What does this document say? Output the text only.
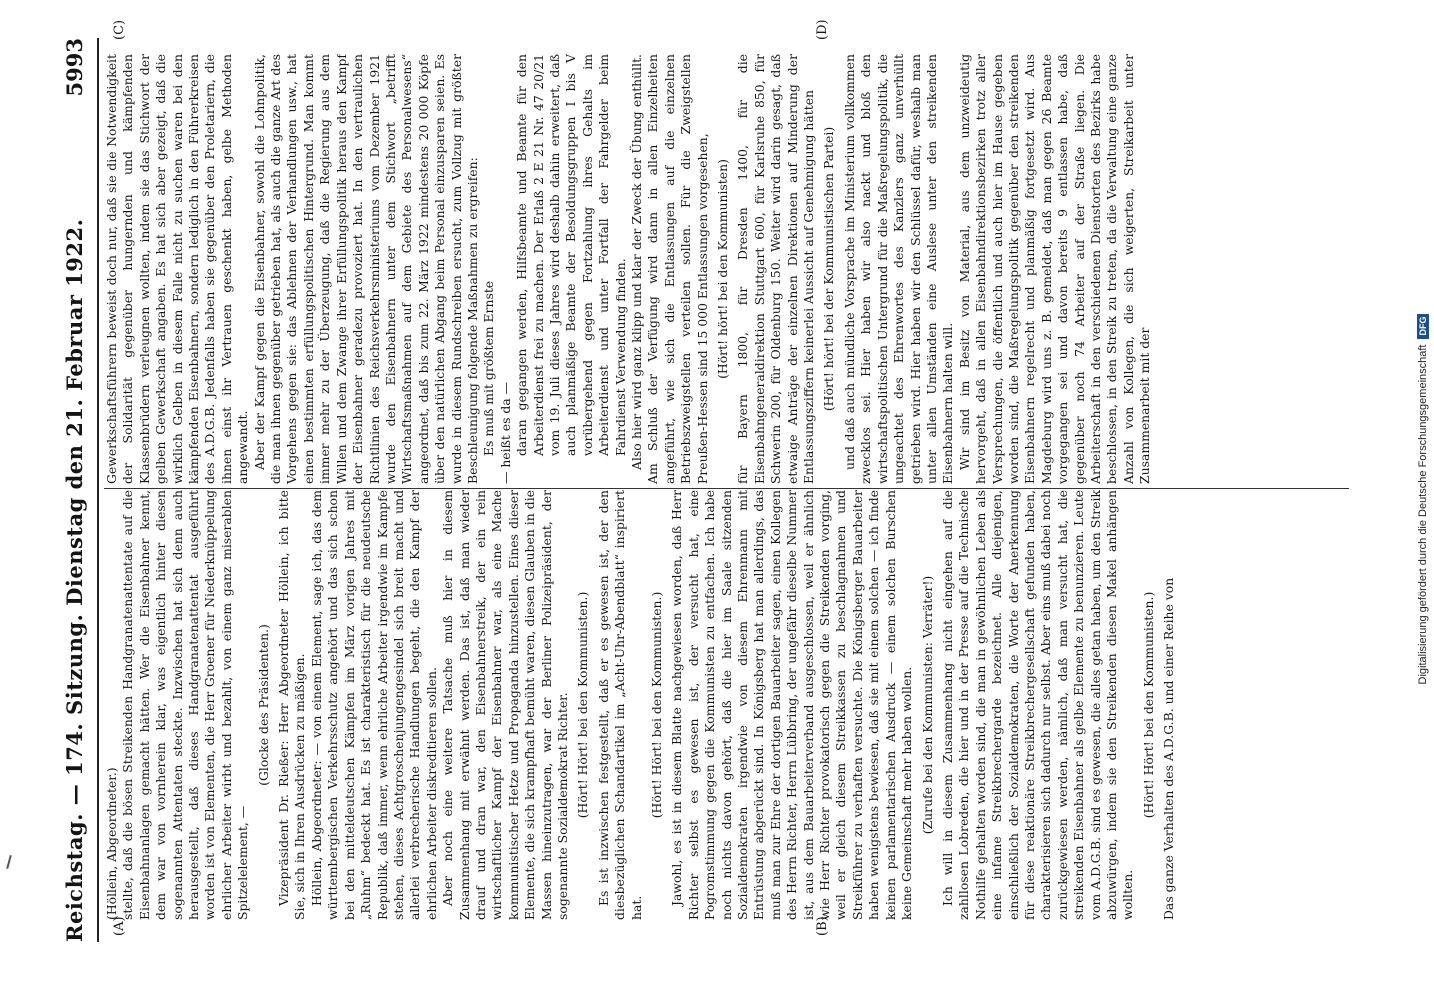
Reichstag. — 174. Sitzung. Dienstag den 21. Februar 1922.
5993
(A)	(B)
(C)	(D)

(Höllein, Abgeordneter.) stellte, daß die bösen Streikenden Handgranatenattentate auf die Eisenbahnanlagen gemacht hätten. Wer die Eisenbahner kennt, dem war von vornherein klar, was eigentlich hinter diesen sogenannten Attentaten steckte. Inzwischen hat sich denn auch herausgestellt, daß dieses Handgranatenattentat ausgeführt worden ist von Elementen, die Herr Groener für Niederknüppelung ehrlicher Arbeiter wirbt und bezahlt, von einem ganz miserablen Spitzelelement, —

(Glocke des Präsidenten.) Vizepräsident Dr. Rießer: Herr Abgeordneter Höllein, ich bitte Sie, sich in Ihren Ausdrücken zu mäßigen. Höllein, Abgeordneter: — von einem Element, sage ich, das dem württembergischen Verkehrsschutz angehört und das sich schon bei den mitteldeutschen Kämpfen im März vorigen Jahres mit „Ruhm“ bedeckt hat. Es ist charakteristisch für die neudeutsche Republik, daß immer, wenn ehrliche Arbeiter irgendwie im Kampfe stehen, dieses Achtgroschenjungengesindel sich breit macht und allerlei verbrecherische Handlungen begeht, die den Kampf der ehrlichen Arbeiter diskreditieren sollen. Aber noch eine weitere Tatsache muß hier in diesem Zusammenhang mit erwähnt werden. Das ist, daß man wieder drauf und dran war, den Eisenbahnerstreik, der ein rein wirtschaftlicher Kampf der Eisenbahner war, als eine Mache kommunistischer Hetze und Propaganda hinzustellen. Eines dieser Elemente, die sich krampfhaft bemüht waren, diesen Glauben in die Massen hineinzutragen, war der Berliner Polizeipräsident, der sogenannte Sozialdemokrat Richter. (Hört! Hört! bei den Kommunisten.) Es ist inzwischen festgestellt, daß er es gewesen ist, der den diesbezüglichen Schandartikel im „Acht-Uhr-Abendblatt“ inspiriert hat.

(Hört! Hört! bei den Kommunisten.) Jawohl, es ist in diesem Blatte nachgewiesen worden, daß Herr Richter selbst es gewesen ist, der versucht hat, eine Pogromstimmung gegen die Kommunisten zu entfachen. Ich habe noch nichts davon gehört, daß die hier im Saale sitzenden Sozialdemokraten irgendwie von diesem Ehrenmann mit Entrüstung abgerückt sind. In Königsberg hat man allerdings, das muß man zur Ehre der dortigen Bauarbeiter sagen, einen Kollegen des Herrn Richter, Herrn Lübbring, der ungefähr dieselbe Nummer ist, aus dem Bauarbeiterverband ausgeschlossen, weil er ähnlich wie Herr Richter provokatorisch gegen die Streikenden vorging, weil er gleich diesem Streikkassen zu beschlagnahmen und Streikführer zu verhaften versuchte. Die Königsberger Bauarbeiter haben wenigstens bewiesen, daß sie mit einem solchen — ich finde keinen parlamentarischen Ausdruck — einem solchen Burschen keine Gemeinschaft mehr haben wollen. (Zurufe bei den Kommunisten: Verräter!) Ich will in diesem Zusammenhang nicht eingehen auf die zahllosen Lobreden, die hier und in der Presse auf die Technische Nothilfe gehalten worden sind, die man in gewöhnlichen Leben als eine infame Streikbrechergarde bezeichnet. Alle diejenigen, einschließlich der Sozialdemokraten, die Worte der Anerkennung für diese reaktionäre Streikbrechergesellschaft gefunden haben, charakterisieren sich dadurch nur selbst. Aber eins muß dabei noch zurückgewiesen werden, nämlich, daß man versucht hat, die streikenden Eisenbahner als gelbe Elemente zu benunzieren. Leute vom A.D.G.B. sind es gewesen, die alles getan haben, um den Streik abzuwürgen, indem sie den Streikenden diesen Makel anhängen wollten.

(Hört! Hört! bei den Kommunisten.) Das ganze Verhalten des A.D.G.B. und einer Reihe von

Gewerkschaftsführern beweist doch nur, daß sie die Notwendigkeit der Solidarität gegenüber hungernden und kämpfenden Klassenbrüdern verleugnen wollten, indem sie das Stichwort der gelben Gewerkschaft angaben. Es hat sich aber gezeigt, daß die wirklich Gelben in diesem Falle nicht zu suchen waren bei den kämpfenden Eisenbahnern, sondern lediglich in den Führerkreisen des A.D.G.B. Jedenfalls haben sie gegenüber den Proletariern, die ihnen einst ihr Vertrauen geschenkt haben, gelbe Methoden angewandt. Aber der Kampf gegen die Eisenbahner, sowohl die Lohnpolitik, die man ihnen gegenüber getrieben hat, als auch die ganze Art des Vorgehens gegen sie: das Ablehnen der Verhandlungen usw., hat einen bestimmten erfüllungspolitischen Hintergrund. Man kommt immer mehr zu der Überzeugung, daß die Regierung aus dem Willen und dem Zwange ihrer Erfüllungspolitik heraus den Kampf der Eisenbahner geradezu provoziert hat. In den vertraulichen Richtlinien des Reichsverkehrsministeriums vom Dezember 1921 wurde den Eisenbahnern unter dem Stichwort „betrifft Wirtschaftsmaßnahmen auf dem Gebiete des Personalwesens“ angeordnet, daß bis zum 22. März 1922 mindestens 20 000 Köpfe über den natürlichen Abgang beim Personal einzusparen seien. Es wurde in diesem Rundschreiben ersucht, zum Vollzug mit größter Beschleunigung folgende Maßnahmen zu ergreifen: Es muß mit größtem Ernste — heißt es da — daran gegangen werden, Hilfsbeamte und Beamte für den Arbeiterdienst frei zu machen. Der Erlaß 2 E 21 Nr. 47 20/21 vom 19. Juli dieses Jahres wird deshalb dahin erweitert, daß auch planmäßige Beamte der Besoldungsgruppen I bis V vorübergehend gegen Fortzahlung ihres Gehalts im Arbeiterdienst und unter Fortfall der Fahrgelder beim Fahrdienst Verwendung finden. Also hier wird ganz klipp und klar der Zweck der Übung enthüllt. Am Schluß der Verfügung wird dann in allen Einzelheiten angeführt, wie sich die Entlassungen auf die einzelnen Betriebszweigstellen verteilen sollen. Für die Zweigstellen Preußen-Hessen sind 15 000 Entlassungen vorgesehen, (Hört! hört! bei den Kommunisten) für Bayern 1800, für Dresden 1400, für die Eisenbahngeneraldirektion Stuttgart 600, für Karlsruhe 850, für Schwerin 200, für Oldenburg 150. Weiter wird darin gesagt, daß etwaige Anträge der einzelnen Direktionen auf Minderung der Entlassungsziffern keinerlei Aussicht auf Genehmigung hätten (Hört! hört! bei der Kommunistischen Partei) und daß auch mündliche Vorsprache im Ministerium vollkommen zwecklos sei. Hier haben wir also nackt und bloß den wirtschaftspolitischen Untergrund für die Maßregelungspolitik, die ungeachtet des Ehrenwortes des Kanzlers ganz unverhüllt getrieben wird. Hier haben wir den Schlüssel dafür, weshalb man unter allen Umständen eine Auslese unter den streikenden Eisenbahnern halten will. Wir sind im Besitz von Material, aus dem unzweideutig hervorgeht, daß in allen Eisenbahndirektionsbezirken trotz aller Versprechungen, die öffentlich und auch hier im Hause gegeben worden sind, die Maßregelungspolitik gegenüber den streikenden Eisenbahnern regelrecht und planmäßig fortgesetzt wird. Aus Magdeburg wird uns z. B. gemeldet, daß man gegen 26 Beamte vorgegangen sei und davon bereits 9 entlassen habe, daß gegenüber noch 74 Arbeiter auf der Straße liegen. Die Arbeiterschaft in den verschiedenen Dienstorten des Bezirks habe beschlossen, in den Streik zu treten, da die Verwaltung eine ganze Anzahl von Kollegen, die sich weigerten, Streikarbeit unter Zusammenarbeit mit der	Digitalisierung gefördert durch die Deutsche ForschungsgemeinschaftDFG
